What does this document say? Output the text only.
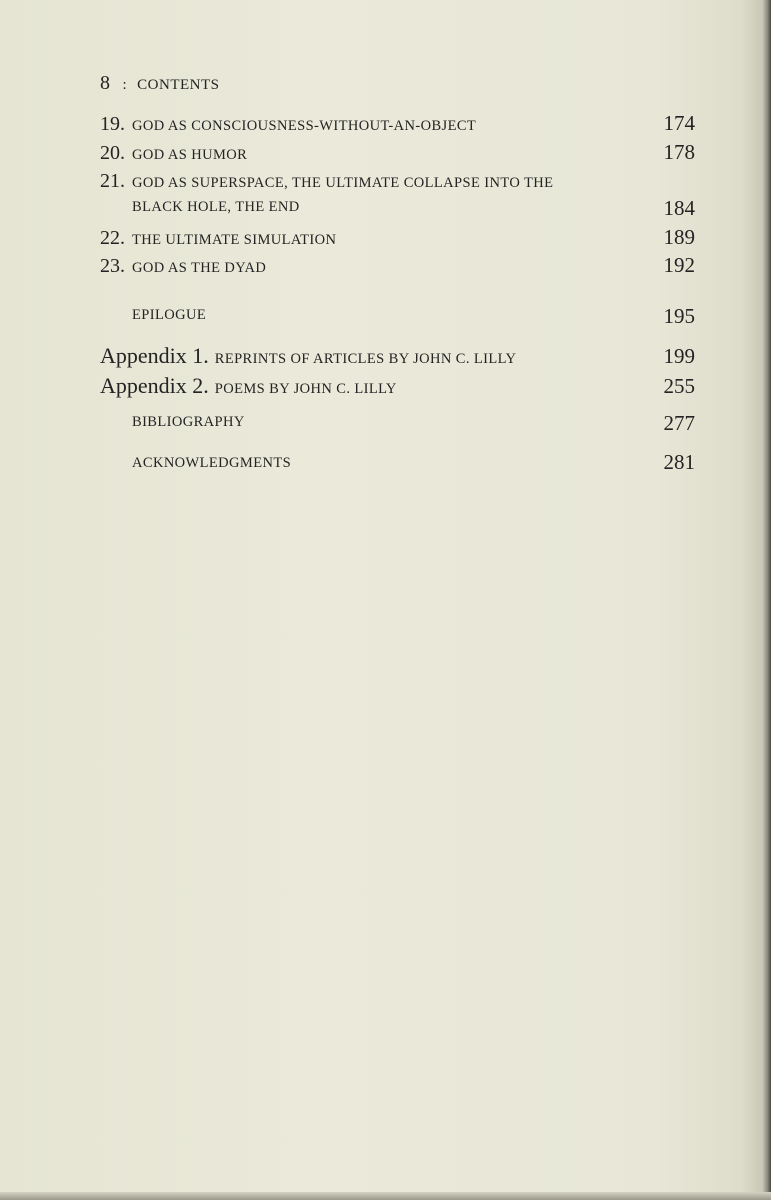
8 : CONTENTS
19. GOD AS CONSCIOUSNESS-WITHOUT-AN-OBJECT	174
20. GOD AS HUMOR	178
21. GOD AS SUPERSPACE, THE ULTIMATE COLLAPSE INTO THE
BLACK HOLE, THE END	184
22. THE ULTIMATE SIMULATION	189
23. GOD AS THE DYAD	192
EPILOGUE	195
Appendix 1. REPRINTS OF ARTICLES BY JOHN C. LILLY	199
Appendix 2. POEMS BY JOHN C. LILLY	255
BIBLIOGRAPHY	277
ACKNOWLEDGMENTS	281
